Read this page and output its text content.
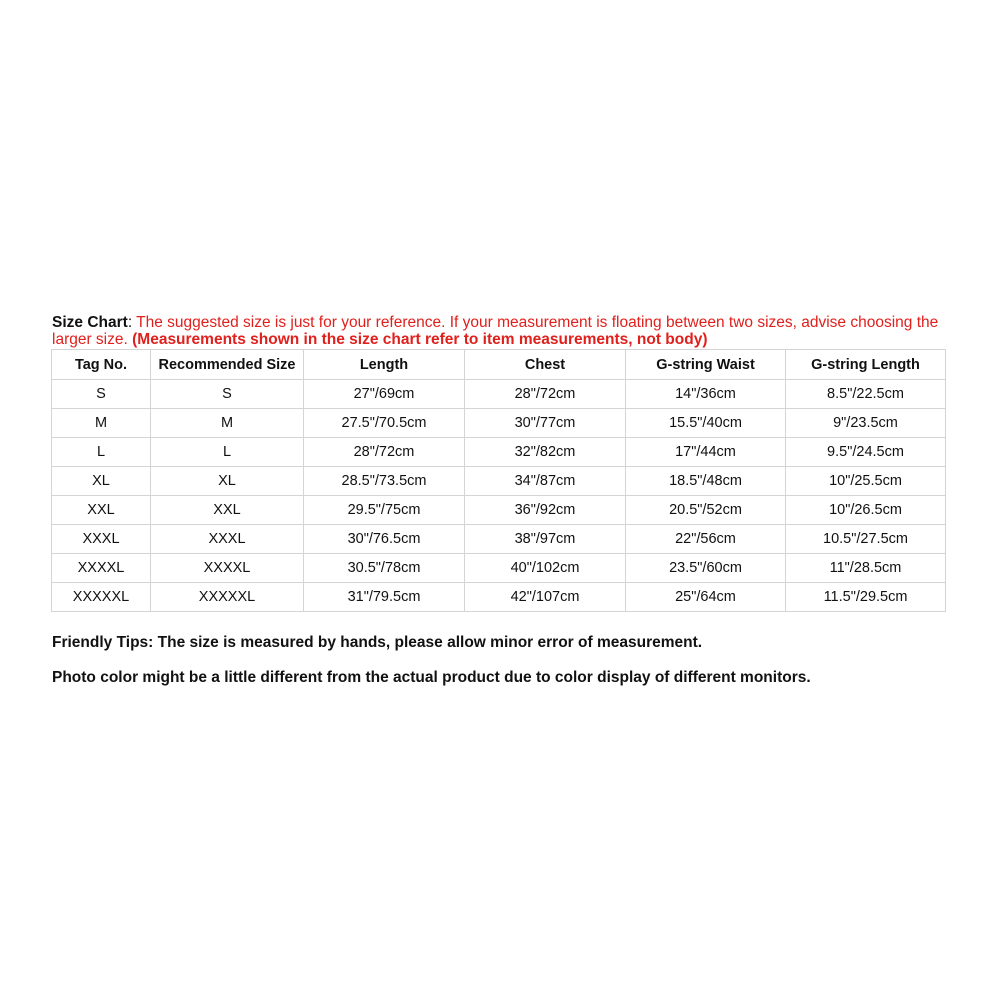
Size Chart: The suggested size is just for your reference. If your measurement is floating between two sizes, advise choosing the larger size. (Measurements shown in the size chart refer to item measurements, not body)
Tag No.	Recommended Size	Length	Chest	G-string Waist	G-string Length
S	S	27"/69cm	28"/72cm	14"/36cm	8.5"/22.5cm
M	M	27.5"/70.5cm	30"/77cm	15.5"/40cm	9"/23.5cm
L	L	28"/72cm	32"/82cm	17"/44cm	9.5"/24.5cm
XL	XL	28.5"/73.5cm	34"/87cm	18.5"/48cm	10"/25.5cm
XXL	XXL	29.5"/75cm	36"/92cm	20.5"/52cm	10"/26.5cm
XXXL	XXXL	30"/76.5cm	38"/97cm	22"/56cm	10.5"/27.5cm
XXXXL	XXXXL	30.5"/78cm	40"/102cm	23.5"/60cm	11"/28.5cm
XXXXXL	XXXXXL	31"/79.5cm	42"/107cm	25"/64cm	11.5"/29.5cm
Friendly Tips: The size is measured by hands, please allow minor error of measurement.
Photo color might be a little different from the actual product due to color display of different monitors.
